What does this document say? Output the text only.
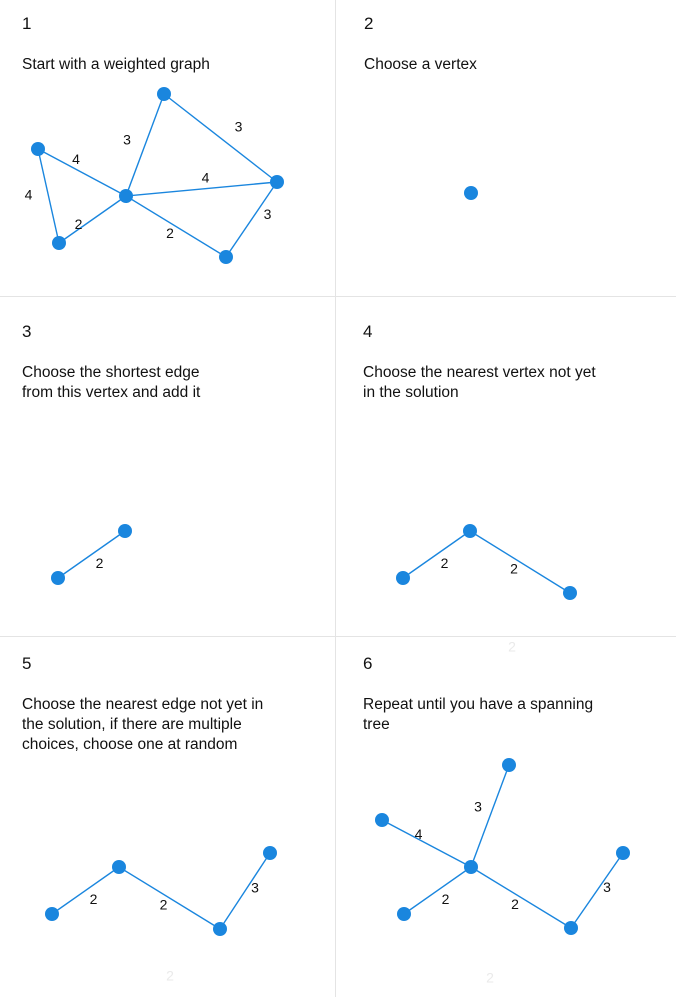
1
Start with a weighted graph
3
3
4
4
4
2
2
3
2
Choose a vertex
3
Choose the shortest edge
from this vertex and add it
2
4
Choose the nearest vertex not yet
in the solution
2	2
5
Choose the nearest edge not yet in
the solution, if there are multiple
choices, choose one at random
2	2
3
6
Repeat until you have a spanning
tree
3
4
2	2
3
2
2	2
